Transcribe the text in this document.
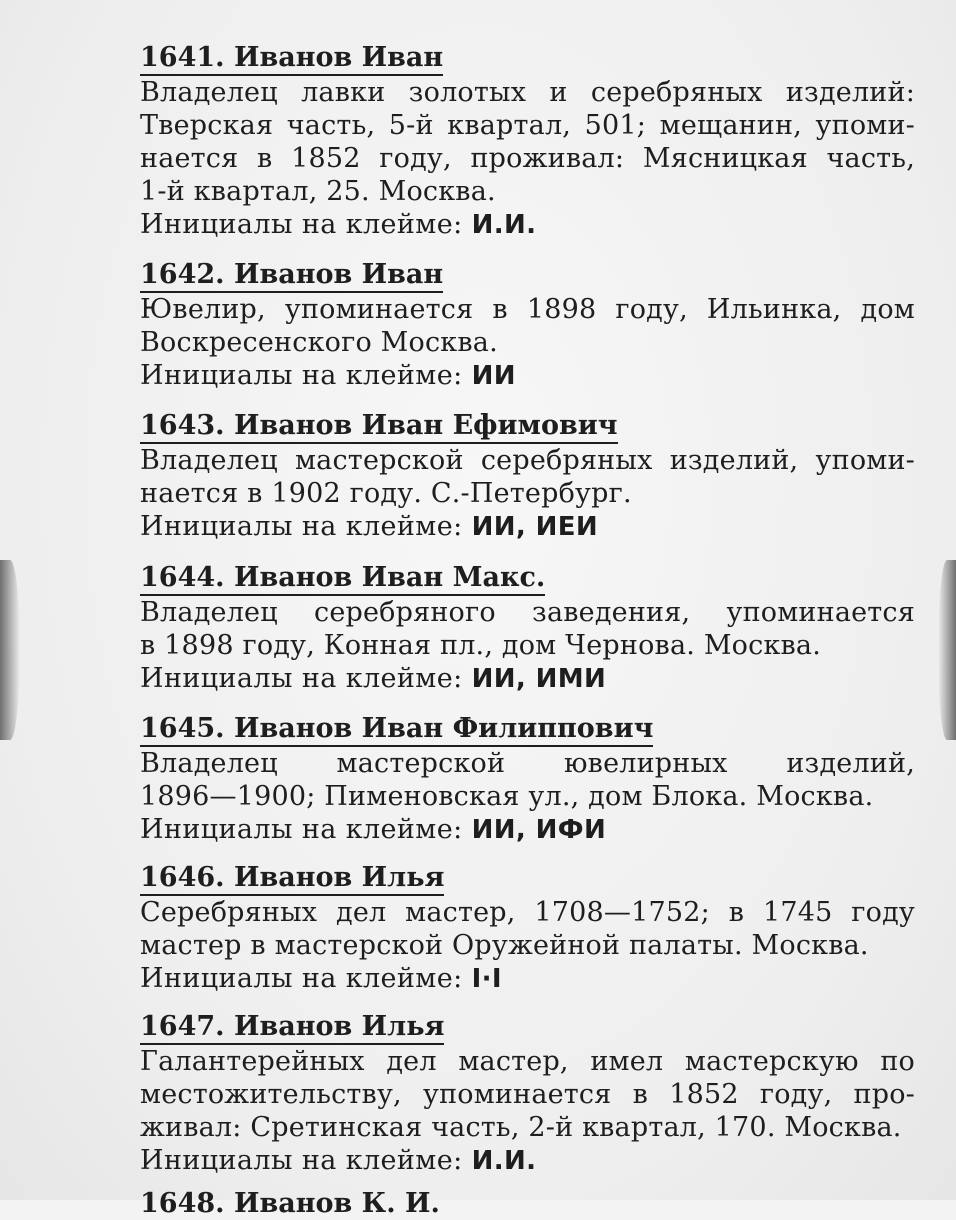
1641. Иванов Иван
Владелец лавки золотых и серебряных изделий:
Тверская часть, 5-й квартал, 501; мещанин, упоми-
нается в 1852 году, проживал: Мясницкая часть,
1-й квартал, 25. Москва.
Инициалы на клейме: И.И.
1642. Иванов Иван
Ювелир, упоминается в 1898 году, Ильинка, дом
Воскресенского Москва.
Инициалы на клейме: ИИ
1643. Иванов Иван Ефимович
Владелец мастерской серебряных изделий, упоми-
нается в 1902 году. С.-Петербург.
Инициалы на клейме: ИИ, ИЕИ
1644. Иванов Иван Макс.
Владелец серебряного заведения, упоминается
в 1898 году, Конная пл., дом Чернова. Москва.
Инициалы на клейме: ИИ, ИМИ
1645. Иванов Иван Филиппович
Владелец мастерской ювелирных изделий,
1896—1900; Пименовская ул., дом Блока. Москва.
Инициалы на клейме: ИИ, ИФИ
1646. Иванов Илья
Серебряных дел мастер, 1708—1752; в 1745 году
мастер в мастерской Оружейной палаты. Москва.
Инициалы на клейме: I·I
1647. Иванов Илья
Галантерейных дел мастер, имел мастерскую по
местожительству, упоминается в 1852 году, про-
живал: Сретинская часть, 2-й квартал, 170. Москва.
Инициалы на клейме: И.И.
1648. Иванов К. И.
